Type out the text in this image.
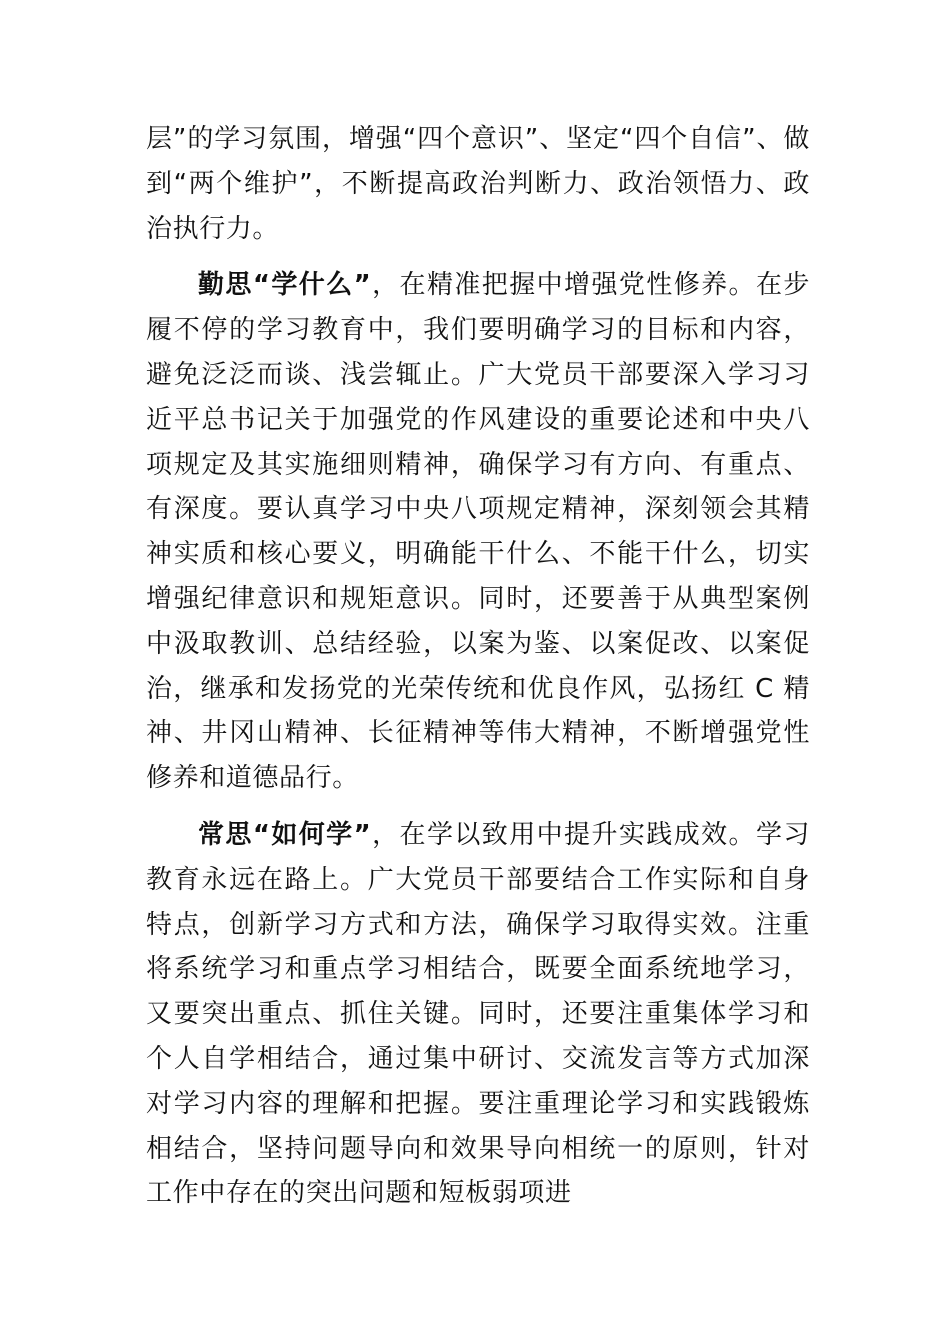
层”的学习氛围，增强“四个意识”、坚定“四个自信”、做到“两个维护”，不断提高政治判断力、政治领悟力、政治执行力。

勤思“学什么”，在精准把握中增强党性修养。在步履不停的学习教育中，我们要明确学习的目标和内容，避免泛泛而谈、浅尝辄止。广大党员干部要深入学习习近平总书记关于加强党的作风建设的重要论述和中央八项规定及其实施细则精神，确保学习有方向、有重点、有深度。要认真学习中央八项规定精神，深刻领会其精神实质和核心要义，明确能干什么、不能干什么，切实增强纪律意识和规矩意识。同时，还要善于从典型案例中汲取教训、总结经验，以案为鉴、以案促改、以案促治，继承和发扬党的光荣传统和优良作风，弘扬红 C 精神、井冈山精神、长征精神等伟大精神，不断增强党性修养和道德品行。

常思“如何学”，在学以致用中提升实践成效。学习教育永远在路上。广大党员干部要结合工作实际和自身特点，创新学习方式和方法，确保学习取得实效。注重将系统学习和重点学习相结合，既要全面系统地学习，又要突出重点、抓住关键。同时，还要注重集体学习和个人自学相结合，通过集中研讨、交流发言等方式加深对学习内容的理解和把握。要注重理论学习和实践锻炼相结合，坚持问题导向和效果导向相统一的原则，针对工作中存在的突出问题和短板弱项进
